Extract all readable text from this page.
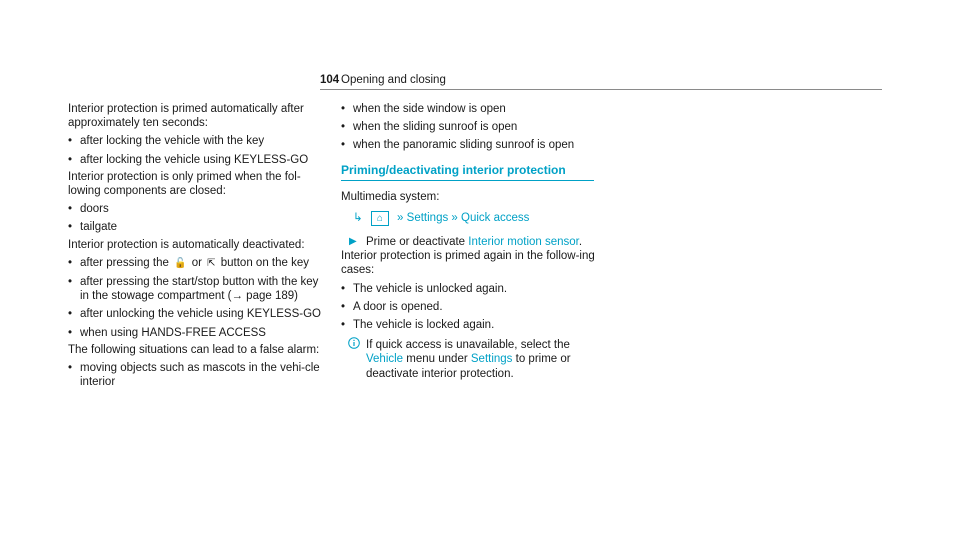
104 Opening and closing

Interior protection is primed automatically after approximately ten seconds:

• after locking the vehicle with the key
• after locking the vehicle using KEYLESS-GO

Interior protection is only primed when the fol-lowing components are closed:

• doors
• tailgate

Interior protection is automatically deactivated:

• after pressing the 🔓 or ⇱ button on the key
• after pressing the start/stop button with the key in the stowage compartment (→ page 189)
• after unlocking the vehicle using KEYLESS-GO
• when using HANDS-FREE ACCESS

The following situations can lead to a false alarm:

• moving objects such as mascots in the vehi-cle interior
• when the side window is open
• when the sliding sunroof is open
• when the panoramic sliding sunroof is open
Priming/deactivating interior protection

Multimedia system:

↳ ⌂ » Settings » Quick access
▶ Prime or deactivate Interior motion sensor.

Interior protection is primed again in the follow-ing cases:

• The vehicle is unlocked again.
• A door is opened.
• The vehicle is locked again.
If quick access is unavailable, select the Vehicle menu under Settings to prime or deactivate interior protection.
